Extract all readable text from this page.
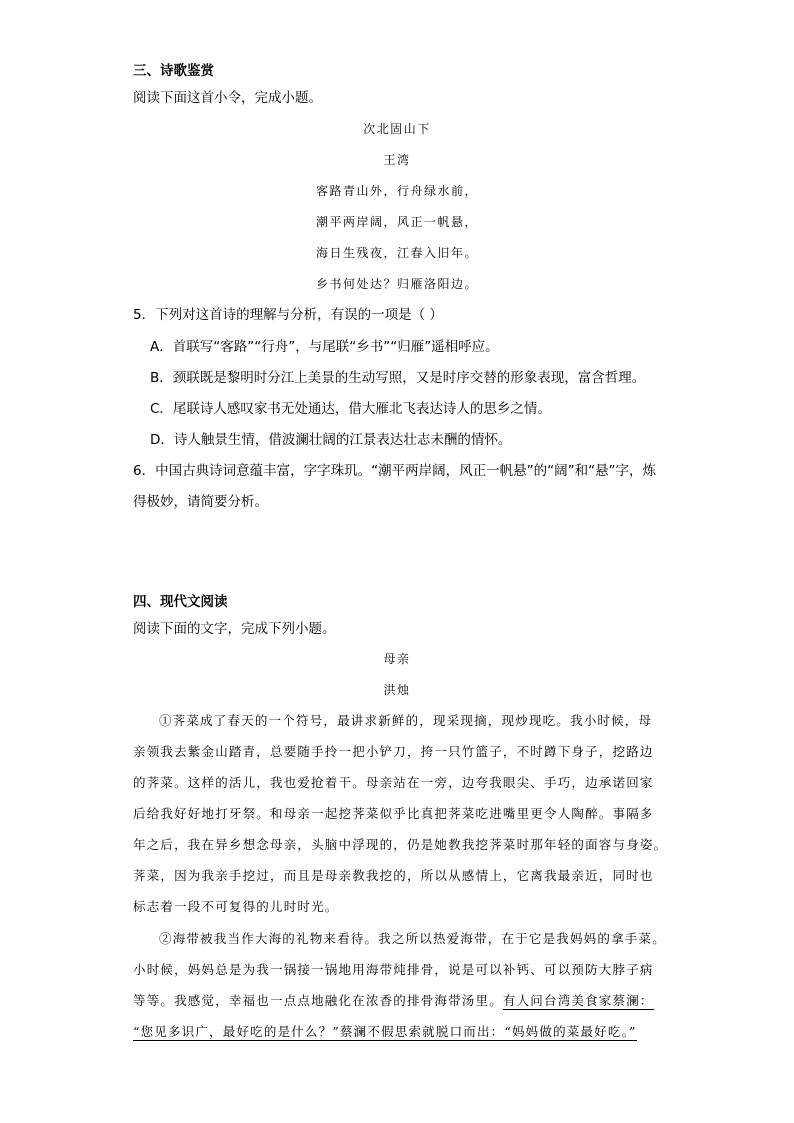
三、诗歌鉴赏
阅读下面这首小令，完成小题。
次北固山下
王湾
客路青山外，行舟绿水前，
潮平两岸阔，风正一帆悬，
海日生残夜，江春入旧年。
乡书何处达？归雁洛阳边。
5．下列对这首诗的理解与分析，有误的一项是（ ）
A．首联写“客路”“行舟”，与尾联“乡书”“归雁”遥相呼应。
B．颈联既是黎明时分江上美景的生动写照，又是时序交替的形象表现，富含哲理。
C．尾联诗人感叹家书无处通达，借大雁北飞表达诗人的思乡之情。
D．诗人触景生情，借波澜壮阔的江景表达壮志未酬的情怀。
6．中国古典诗词意蕴丰富，字字珠玑。“潮平两岸阔，风正一帆悬”的“阔”和“悬”字，炼
得极妙，请简要分析。
四、现代文阅读
阅读下面的文字，完成下列小题。
母亲
洪烛
①荠菜成了春天的一个符号，最讲求新鲜的，现采现摘，现炒现吃。我小时候，母
亲领我去紫金山踏青，总要随手拎一把小铲刀，挎一只竹篮子，不时蹲下身子，挖路边
的荠菜。这样的活儿，我也爱抢着干。母亲站在一旁，边夸我眼尖、手巧，边承诺回家
后给我好好地打牙祭。和母亲一起挖荠菜似乎比真把荠菜吃进嘴里更令人陶醉。事隔多
年之后，我在异乡想念母亲，头脑中浮现的，仍是她教我挖荠菜时那年轻的面容与身姿。
荠菜，因为我亲手挖过，而且是母亲教我挖的，所以从感情上，它离我最亲近，同时也
标志着一段不可复得的儿时时光。
②海带被我当作大海的礼物来看待。我之所以热爱海带，在于它是我妈妈的拿手菜。
小时候，妈妈总是为我一锅接一锅地用海带炖排骨，说是可以补钙、可以预防大脖子病
等等。我感觉，幸福也一点点地融化在浓香的排骨海带汤里。有人问台湾美食家蔡澜：
“您见多识广，最好吃的是什么？”蔡澜不假思索就脱口而出：“妈妈做的菜最好吃。”
